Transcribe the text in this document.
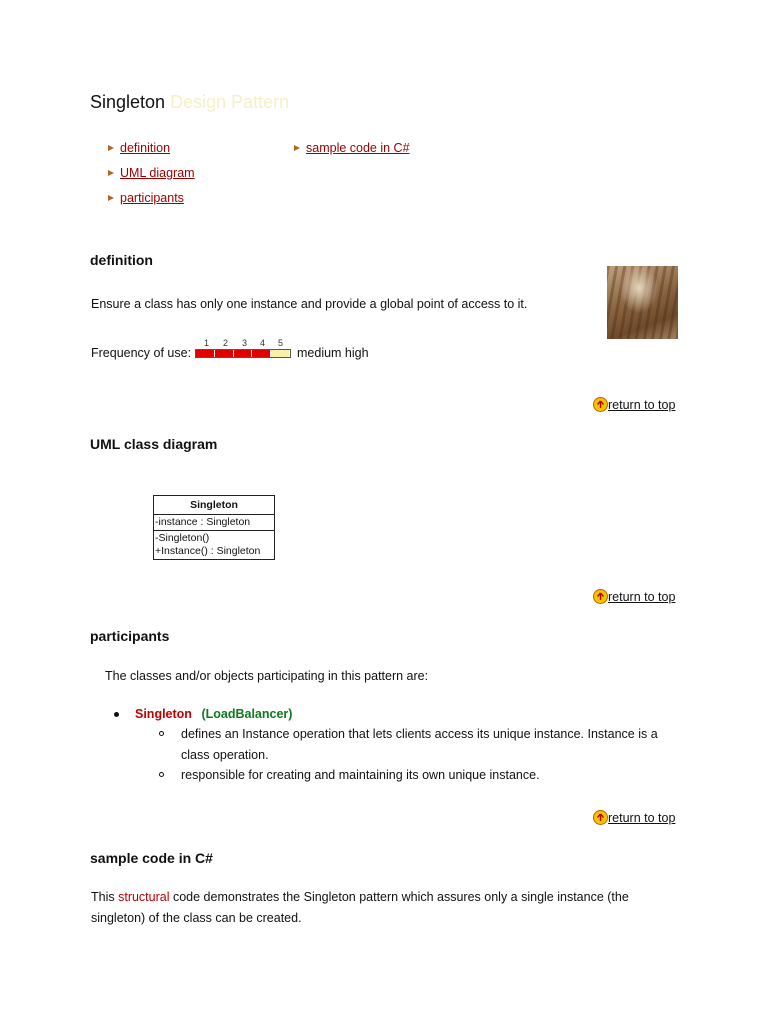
Singleton Design Pattern
definition
UML diagram
participants
sample code in C#
definition
Ensure a class has only one instance and provide a global point of access to it.
Frequency of use:
1 2 3 4 5
medium high
return to top
UML class diagram
Singleton
-instance : Singleton
-Singleton()
+Instance() : Singleton
return to top
participants
The classes and/or objects participating in this pattern are:
Singleton (LoadBalancer)
defines an Instance operation that lets clients access its unique instance. Instance is a
class operation.
responsible for creating and maintaining its own unique instance.
return to top
sample code in C#
This structural code demonstrates the Singleton pattern which assures only a single instance (the
singleton) of the class can be created.
